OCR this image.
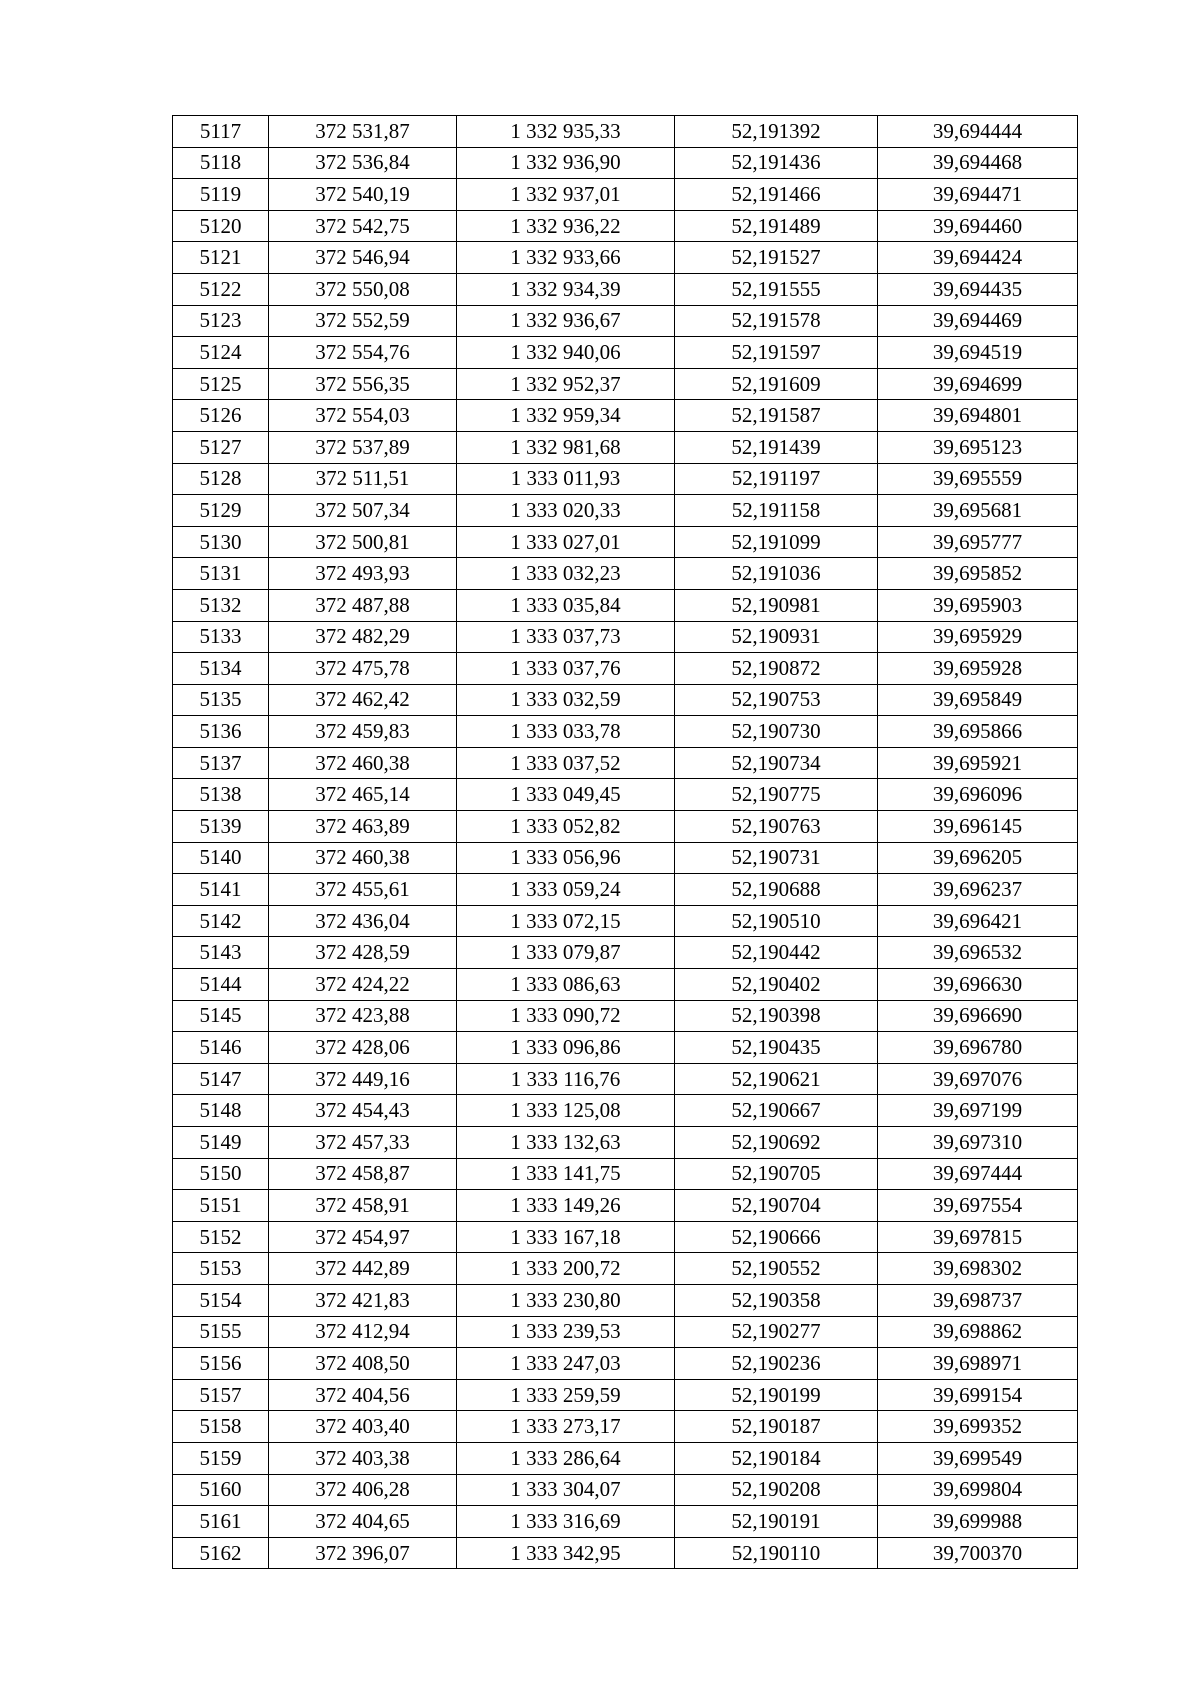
5117	372 531,87	1 332 935,33	52,191392	39,694444
5118	372 536,84	1 332 936,90	52,191436	39,694468
5119	372 540,19	1 332 937,01	52,191466	39,694471
5120	372 542,75	1 332 936,22	52,191489	39,694460
5121	372 546,94	1 332 933,66	52,191527	39,694424
5122	372 550,08	1 332 934,39	52,191555	39,694435
5123	372 552,59	1 332 936,67	52,191578	39,694469
5124	372 554,76	1 332 940,06	52,191597	39,694519
5125	372 556,35	1 332 952,37	52,191609	39,694699
5126	372 554,03	1 332 959,34	52,191587	39,694801
5127	372 537,89	1 332 981,68	52,191439	39,695123
5128	372 511,51	1 333 011,93	52,191197	39,695559
5129	372 507,34	1 333 020,33	52,191158	39,695681
5130	372 500,81	1 333 027,01	52,191099	39,695777
5131	372 493,93	1 333 032,23	52,191036	39,695852
5132	372 487,88	1 333 035,84	52,190981	39,695903
5133	372 482,29	1 333 037,73	52,190931	39,695929
5134	372 475,78	1 333 037,76	52,190872	39,695928
5135	372 462,42	1 333 032,59	52,190753	39,695849
5136	372 459,83	1 333 033,78	52,190730	39,695866
5137	372 460,38	1 333 037,52	52,190734	39,695921
5138	372 465,14	1 333 049,45	52,190775	39,696096
5139	372 463,89	1 333 052,82	52,190763	39,696145
5140	372 460,38	1 333 056,96	52,190731	39,696205
5141	372 455,61	1 333 059,24	52,190688	39,696237
5142	372 436,04	1 333 072,15	52,190510	39,696421
5143	372 428,59	1 333 079,87	52,190442	39,696532
5144	372 424,22	1 333 086,63	52,190402	39,696630
5145	372 423,88	1 333 090,72	52,190398	39,696690
5146	372 428,06	1 333 096,86	52,190435	39,696780
5147	372 449,16	1 333 116,76	52,190621	39,697076
5148	372 454,43	1 333 125,08	52,190667	39,697199
5149	372 457,33	1 333 132,63	52,190692	39,697310
5150	372 458,87	1 333 141,75	52,190705	39,697444
5151	372 458,91	1 333 149,26	52,190704	39,697554
5152	372 454,97	1 333 167,18	52,190666	39,697815
5153	372 442,89	1 333 200,72	52,190552	39,698302
5154	372 421,83	1 333 230,80	52,190358	39,698737
5155	372 412,94	1 333 239,53	52,190277	39,698862
5156	372 408,50	1 333 247,03	52,190236	39,698971
5157	372 404,56	1 333 259,59	52,190199	39,699154
5158	372 403,40	1 333 273,17	52,190187	39,699352
5159	372 403,38	1 333 286,64	52,190184	39,699549
5160	372 406,28	1 333 304,07	52,190208	39,699804
5161	372 404,65	1 333 316,69	52,190191	39,699988
5162	372 396,07	1 333 342,95	52,190110	39,700370
